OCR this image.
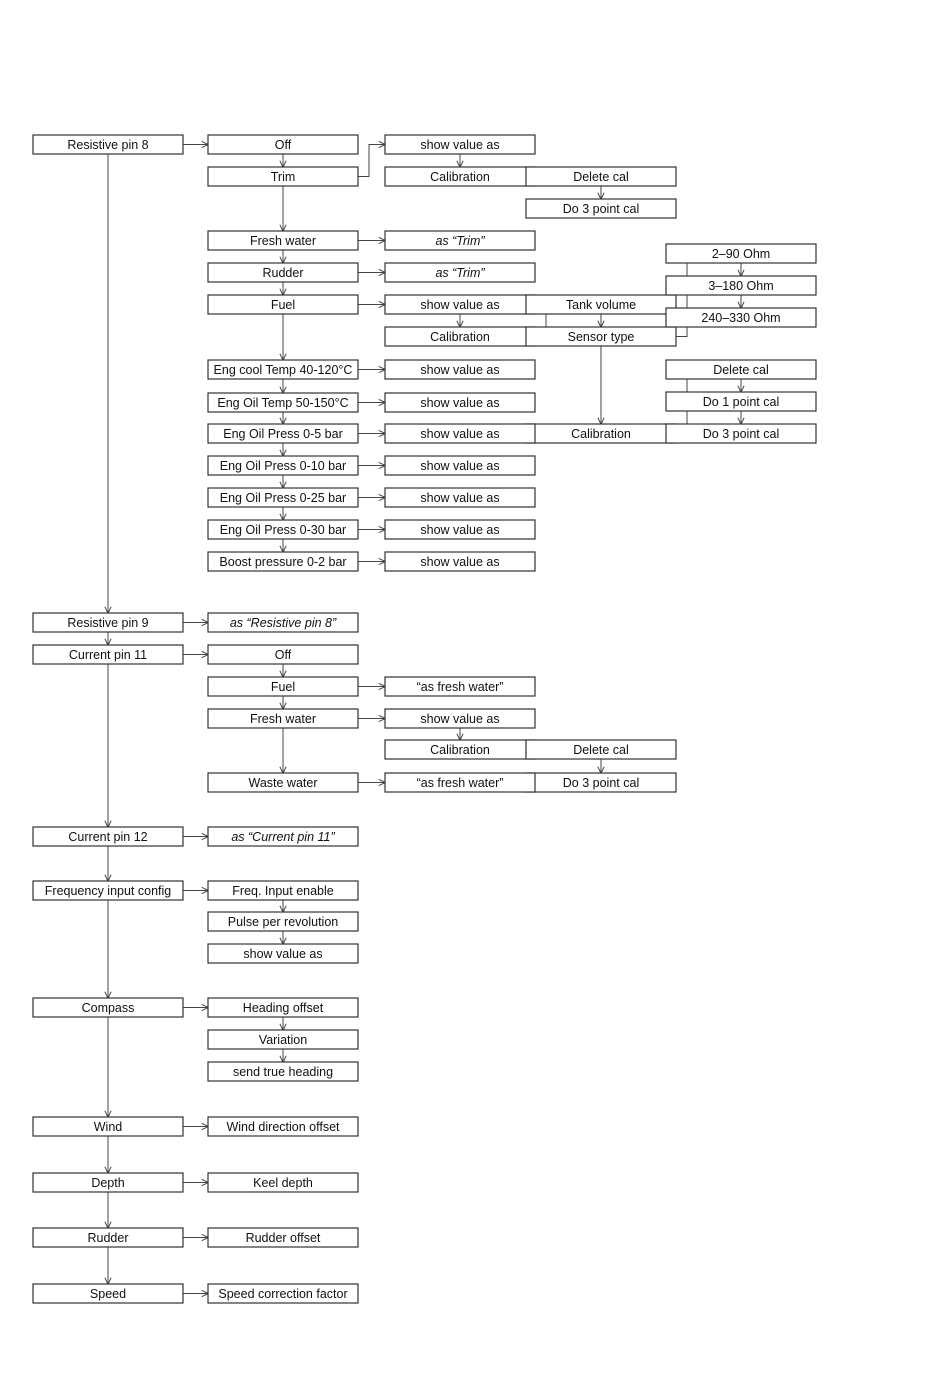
Resistive pin 8	Off
Trim
show value as
Calibration	Delete cal
Do 3 point cal
Fresh water	as “Trim”
Rudder	as “Trim”
Fuel	show value as
Calibration
Tank volume
Sensor type
2–90 Ohm
3–180 Ohm
240–330 Ohm
Calibration
Delete cal
Do 1 point cal
Do 3 point cal
Eng cool Temp 40-120°C	show value as
Eng Oil Temp 50-150°C	show value as
Eng Oil Press 0-5 bar	show value as
Eng Oil Press 0-10 bar	show value as
Eng Oil Press 0-25 bar	show value as
Eng Oil Press 0-30 bar	show value as
Boost pressure 0-2 bar	show value as
Resistive pin 9	as “Resistive pin 8”
Current pin 11	Off
Fuel	“as fresh water”
Fresh water	show value as
Calibration	Delete cal
Do 3 point cal
Waste water	“as fresh water”
Current pin 12	as “Current pin 11”
Frequency input config	Freq. Input enable
Pulse per revolution
show value as
Compass	Heading offset
Variation
send true heading
Wind	Wind direction offset
Depth	Keel depth
Rudder	Rudder offset
Speed	Speed correction factor
